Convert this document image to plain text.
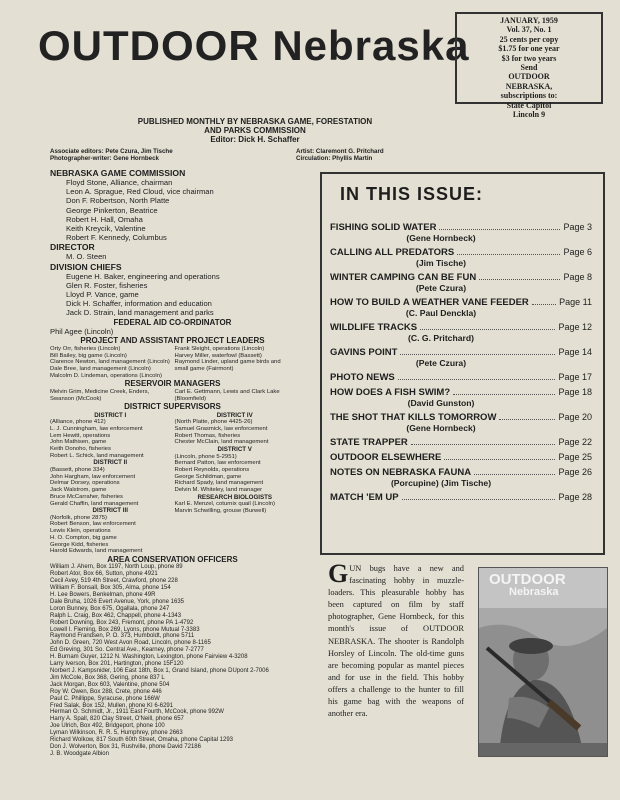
OUTDOOR Nebraska
JANUARY, 1959
Vol. 37, No. 1
25 cents per copy
$1.75 for one year
$3 for two years
Send
OUTDOOR
NEBRASKA,
subscriptions to:
State Capitol
Lincoln 9
PUBLISHED MONTHLY BY NEBRASKA GAME, FORESTATION
AND PARKS COMMISSION
Editor: Dick H. Schaffer
Associate editors: Pete Czura, Jim Tische
Photographer-writer: Gene Hornbeck
Artist: Claremont G. Pritchard
Circulation: Phyllis Martin
NEBRASKA GAME COMMISSION
Floyd Stone, Alliance, chairman
Leon A. Sprague, Red Cloud, vice chairman
Don F. Robertson, North Platte
George Pinkerton, Beatrice
Robert H. Hall, Omaha
Keith Kreycik, Valentine
Robert F. Kennedy, Columbus
DIRECTOR
M. O. Steen
DIVISION CHIEFS
Eugene H. Baker, engineering and operations
Glen R. Foster, fisheries
Lloyd P. Vance, game
Dick H. Schaffer, information and education
Jack D. Strain, land management and parks
FEDERAL AID CO-ORDINATOR
Phil Agee (Lincoln)
PROJECT AND ASSISTANT PROJECT LEADERS
Orty Orr, fisheries (Lincoln)
Bill Bailey, big game (Lincoln)
Clarence Newton, land management (Lincoln)
Dale Bree, land management (Lincoln)
Malcolm D. Lindeman, operations (Lincoln)
Frank Sleight, operations (Lincoln)
Harvey Miller, waterfowl (Bassett)
Raymond Linder, upland game birds and small game (Fairmont)
RESERVOIR MANAGERS
Melvin Grim, Medicine Creek, Enders, Swanson (McCook)
Carl E. Gettmann, Lewis and Clark Lake (Bloomfield)
DISTRICT SUPERVISORS
DISTRICT I
(Alliance, phone 412)
L. J. Cunningham, law enforcement
Lem Hewitt, operations
John Mathisen, game
Keith Donoho, fisheries
Robert L. Schick, land management
DISTRICT II
(Bassett, phone 334)
John Hargham, law enforcement
Delmar Dorsey, operations
Jack Walstrom, game
Bruce McCarraher, fisheries
Gerald Chaffin, land management
DISTRICT III
(Norfolk, phone 2875)
Robert Benson, law enforcement
Lewis Klein, operations
H. O. Compton, big game
George Kidd, fisheries
Harold Edwards, land management
DISTRICT IV
(North Platte, phone 4425-26)
Samuel Grasmick, law enforcement
Robert Thomas, fisheries
Chester McClain, land management
DISTRICT V
(Lincoln, phone 5-2951)
Bernard Patton, law enforcement
Robert Reynolds, operations
George Schildman, game
Richard Spady, land management
Delvin M. Whiteley, land manager
RESEARCH BIOLOGISTS
Karl E. Menzel, coturnix quail (Lincoln)
Marvin Schwilling, grouse (Burwell)
AREA CONSERVATION OFFICERS
William J. Ahern, Box 1197, North Loup, phone 89
Robert Ator, Box 66, Sutton, phone 4921
Cecil Avey, 519 4th Street, Crawford, phone 228
William F. Bonsall, Box 305, Alma, phone 154
H. Lee Bowers, Benkelman, phone 49R
Dale Bruha, 1026 Evert Avenue, York, phone 1635
Loron Bunney, Box 675, Ogallala, phone 247
Ralph L. Craig, Box 462, Chappell, phone 4-1343
Robert Downing, Box 243, Fremont, phone PA 1-4792
Lowell I. Fleming, Box 269, Lyons, phone Mutual 7-3383
Raymond Frandsen, P. O. 373, Humboldt, phone 5711
John D. Green, 720 West Avon Road, Lincoln, phone 8-1165
Ed Greving, 301 So. Central Ave., Kearney, phone 7-2777
H. Burnam Guyer, 1212 N. Washington, Lexington, phone Fairview 4-3208
Larry Iverson, Box 201, Hartington, phone 15F120
Norbert J. Kampsnider, 106 East 18th, Box 1, Grand Island, phone DUpont 2-7006
Jim McCole, Box 368, Gering, phone 837 L
Jack Morgan, Box 603, Valentine, phone 504
Roy W. Owen, Box 288, Crete, phone 446
Paul C. Phillippe, Syracuse, phone 166W
Fred Salak, Box 152, Mullen, phone KI 6-6291
Herman O. Schmidt, Jr., 1911 East Fourth, McCook, phone 992W
Harry A. Spall, 820 Clay Street, O'Neill, phone 657
Joe Ulrich, Box 492, Bridgeport, phone 100
Lyman Wilkinson, R. R. 5, Humphrey, phone 2663
Richard Wolkow, 817 South 60th Street, Omaha, phone Capital 1293
Don J. Wolverton, Box 31, Rushville, phone David 72186
J. B. Woodgate Albion
IN THIS ISSUE:
FISHING SOLID WATER	Page 3
(Gene Hornbeck)
CALLING ALL PREDATORS	Page 6
(Jim Tische)
WINTER CAMPING CAN BE FUN	Page 8
(Pete Czura)
HOW TO BUILD A WEATHER VANE FEEDER	Page 11
(C. Paul Denckla)
WILDLIFE TRACKS	Page 12
(C. G. Pritchard)
GAVINS POINT	Page 14
(Pete Czura)
PHOTO NEWS	Page 17
HOW DOES A FISH SWIM?	Page 18
(David Gunston)
THE SHOT THAT KILLS TOMORROW	Page 20
(Gene Hornbeck)
STATE TRAPPER	Page 22
OUTDOOR ELSEWHERE	Page 25
NOTES ON NEBRASKA FAUNA	Page 26
(Porcupine) (Jim Tische)
MATCH 'EM UP	Page 28
GUN bugs have a new and fascinating hobby in muzzle-loaders. This pleasurable hobby has been captured on film by staff photographer, Gene Hornbeck, for this month's issue of OUTDOOR NEBRASKA. The shooter is Randolph Horsley of Lincoln. The old-time guns are becoming popular as mantel pieces and for use in the field. This hobby offers a challenge to the hunter to fill his game bag with the weapons of another era.
OUTDOOR
Nebraska
